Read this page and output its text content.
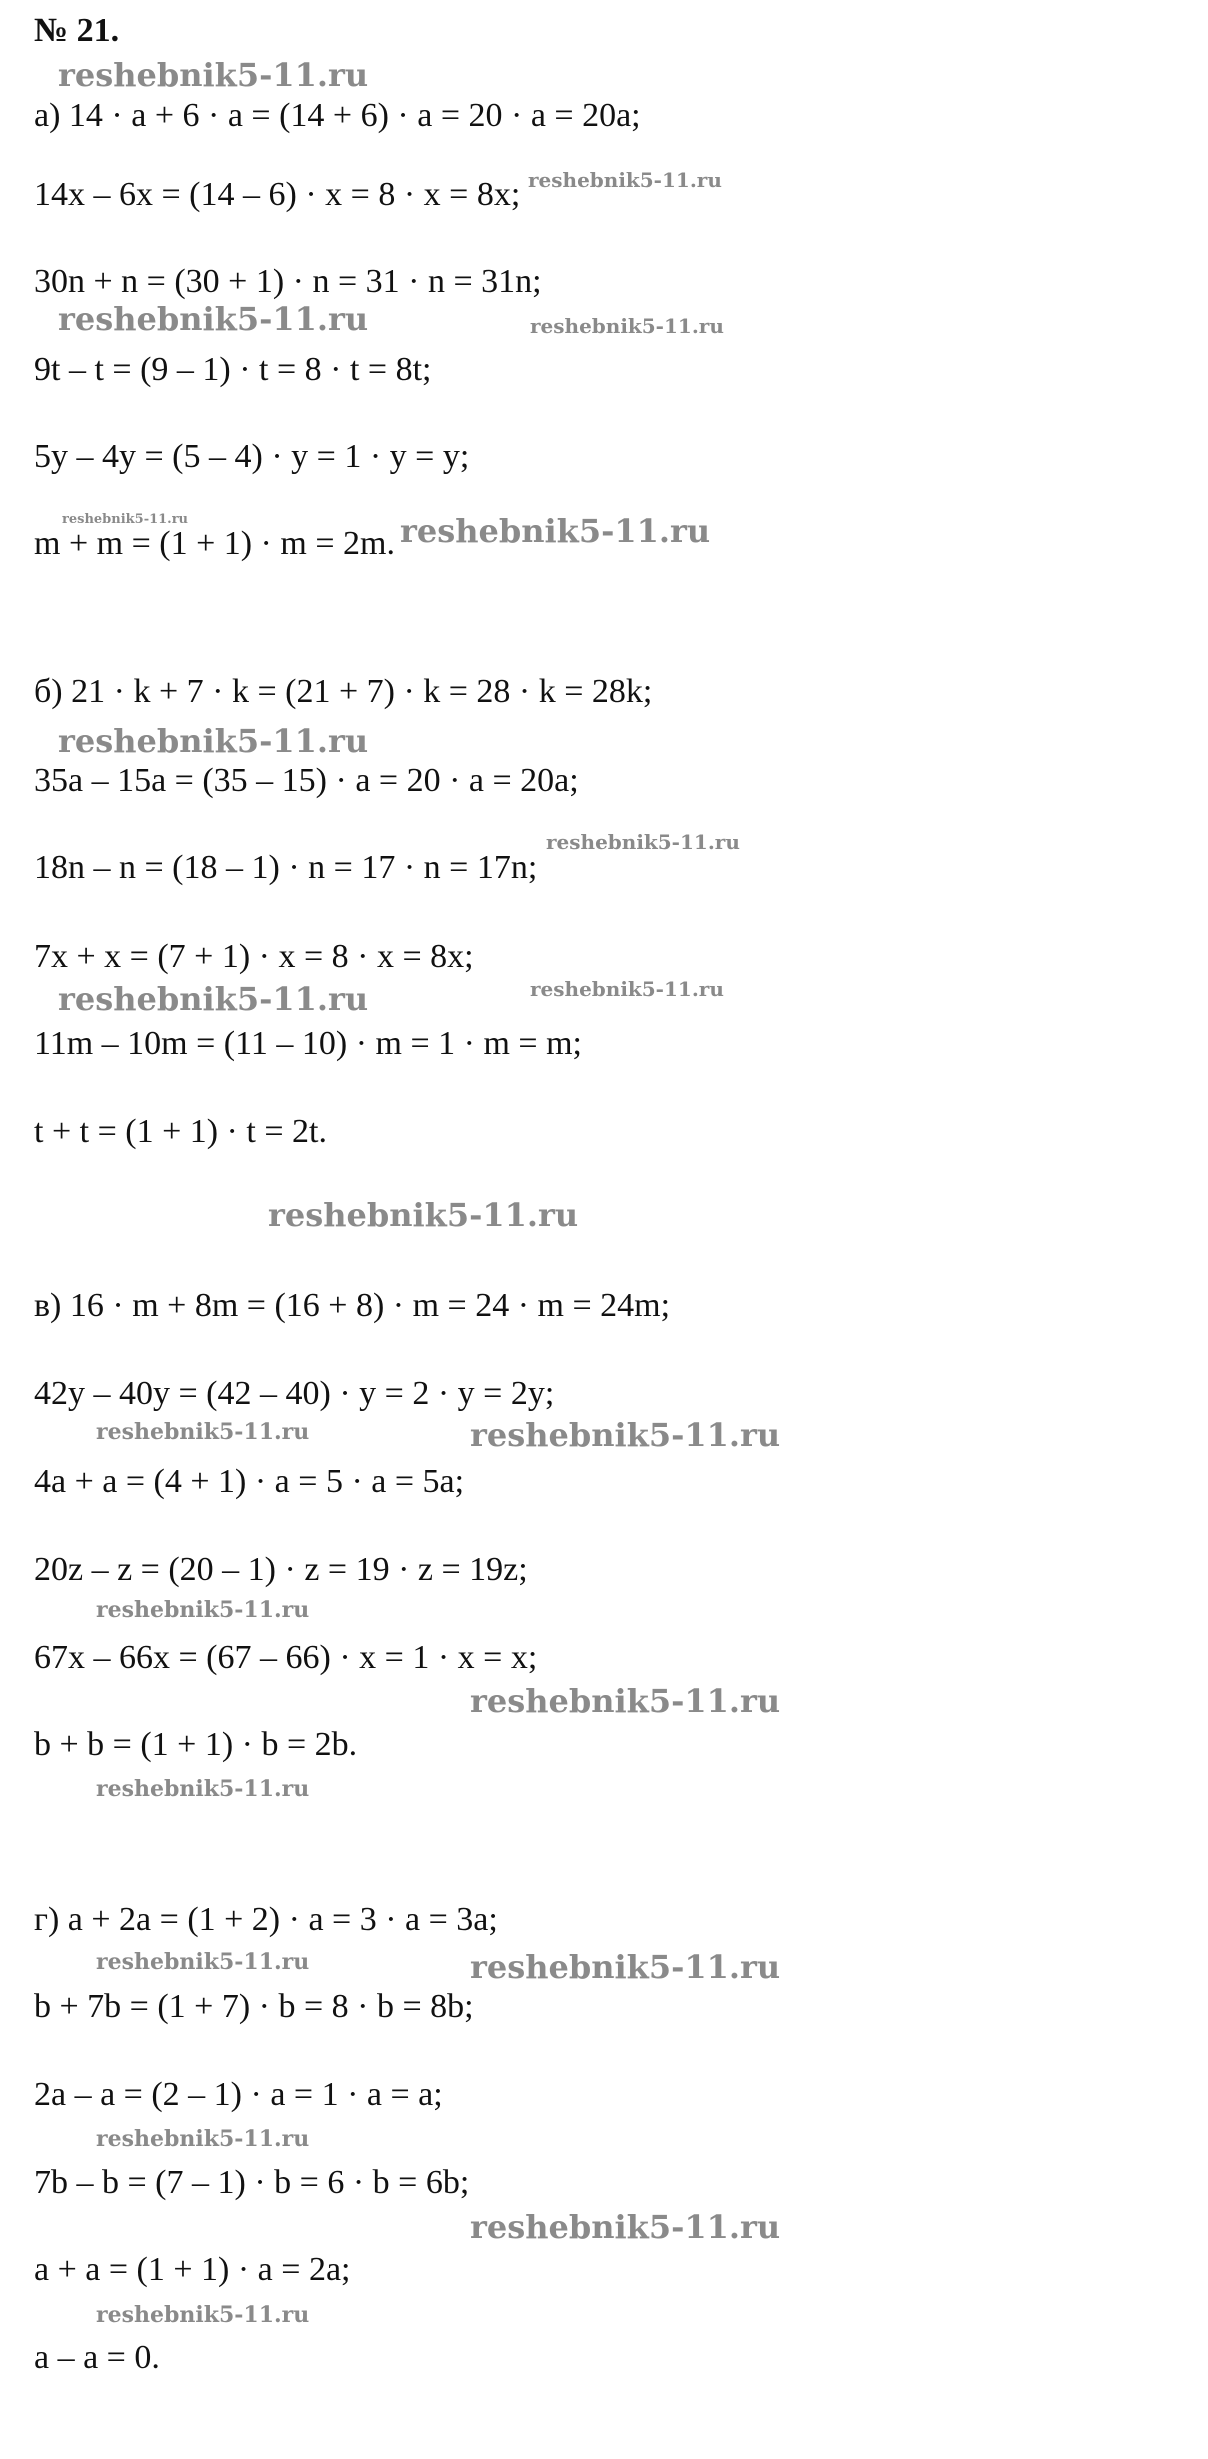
№ 21.
а) 14 · a + 6 · a = (14 + 6) · a = 20 · a = 20a;
14x – 6x = (14 – 6) · x = 8 · x = 8x;
30n + n = (30 + 1) · n = 31 · n = 31n;
9t – t = (9 – 1) · t = 8 · t = 8t;
5y – 4y = (5 – 4) · y = 1 · y = y;
m + m = (1 + 1) · m = 2m.
б) 21 · k + 7 · k = (21 + 7) · k = 28 · k = 28k;
35a – 15a = (35 – 15) · a = 20 · a = 20a;
18n – n = (18 – 1) · n = 17 · n = 17n;
7x + x = (7 + 1) · x = 8 · x = 8x;
11m – 10m = (11 – 10) · m = 1 · m = m;
t + t = (1 + 1) · t = 2t.
в) 16 · m + 8m = (16 + 8) · m = 24 · m = 24m;
42y – 40y = (42 – 40) · y = 2 · y = 2y;
4a + a = (4 + 1) · a = 5 · a = 5a;
20z – z = (20 – 1) · z = 19 · z = 19z;
67x – 66x = (67 – 66) · x = 1 · x = x;
b + b = (1 + 1) · b = 2b.
г) a + 2a = (1 + 2) · a = 3 · a = 3a;
b + 7b = (1 + 7) · b = 8 · b = 8b;
2a – a = (2 – 1) · a = 1 · a = a;
7b – b = (7 – 1) · b = 6 · b = 6b;
a + a = (1 + 1) · a = 2a;
a – a = 0.
reshebnik5-11.ru
reshebnik5-11.ru
reshebnik5-11.ru	reshebnik5-11.ru
reshebnik5-11.ru	reshebnik5-11.ru
reshebnik5-11.ru
reshebnik5-11.ru
reshebnik5-11.ru	reshebnik5-11.ru
reshebnik5-11.ru
reshebnik5-11.ru	reshebnik5-11.ru
reshebnik5-11.ru
reshebnik5-11.ru
reshebnik5-11.ru
reshebnik5-11.ru	reshebnik5-11.ru
reshebnik5-11.ru
reshebnik5-11.ru
reshebnik5-11.ru
